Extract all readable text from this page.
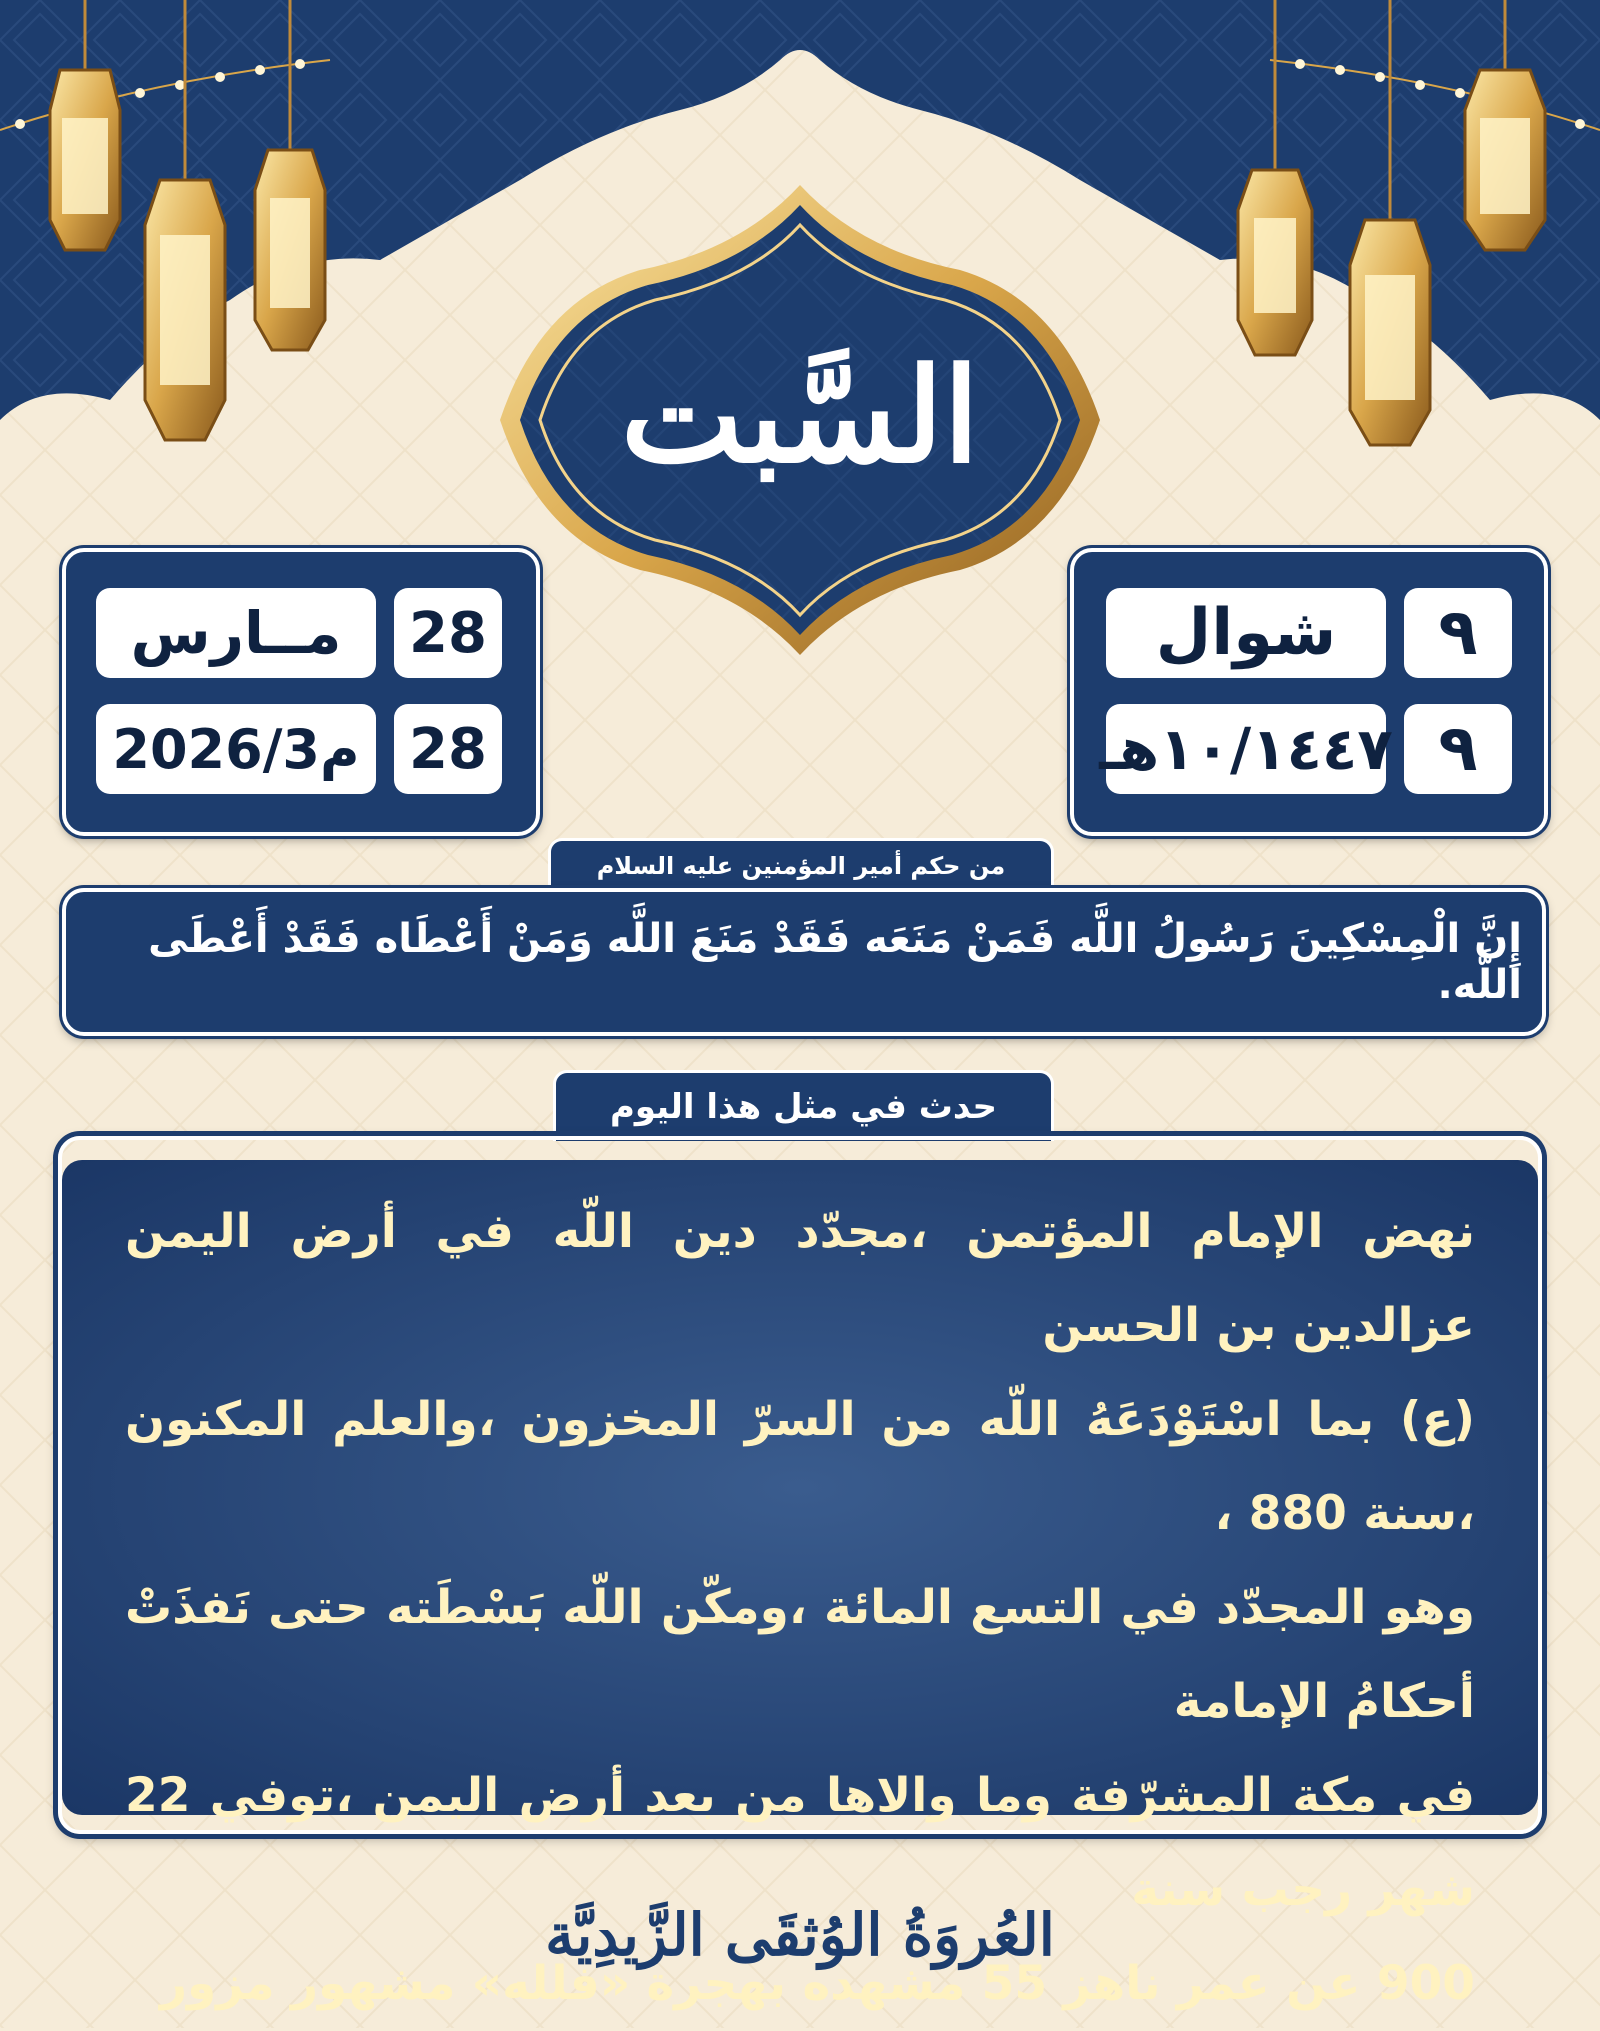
السَّبت
شوال	٩
١٠/١٤٤٧هـ ٩
مــارس	28
2026/3م 28
من حكم أمير المؤمنين عليه السلام
إِنَّ الْمِسْكِينَ رَسُولُ اللَّه فَمَنْ مَنَعَه فَقَدْ مَنَعَ اللَّه وَمَنْ أَعْطَاه فَقَدْ أَعْطَى اللَّه.
حدث في مثل هذا اليوم
نهض الإمام المؤتمن ،مجدّد دين اللّه في أرض اليمن عزالدين بن الحسن
(ع) بما اسْتَوْدَعَهُ اللّه من السرّ المخزون ،والعلم المكنون ،سنة 880 ،
وهو المجدّد في التسع المائة ،ومكّن اللّه بَسْطَته حتى نَفذَتْ أحكامُ الإمامة
في مكة المشرّفة وما والاها من بعد أرض اليمن ،توفي 22 شهر رجب سنة
900 عن عمر ناهز 55 مشهده بهجرة «فلله» مشهور مزور
العُروَةُ الوُثقَى الزَّيدِيَّة
